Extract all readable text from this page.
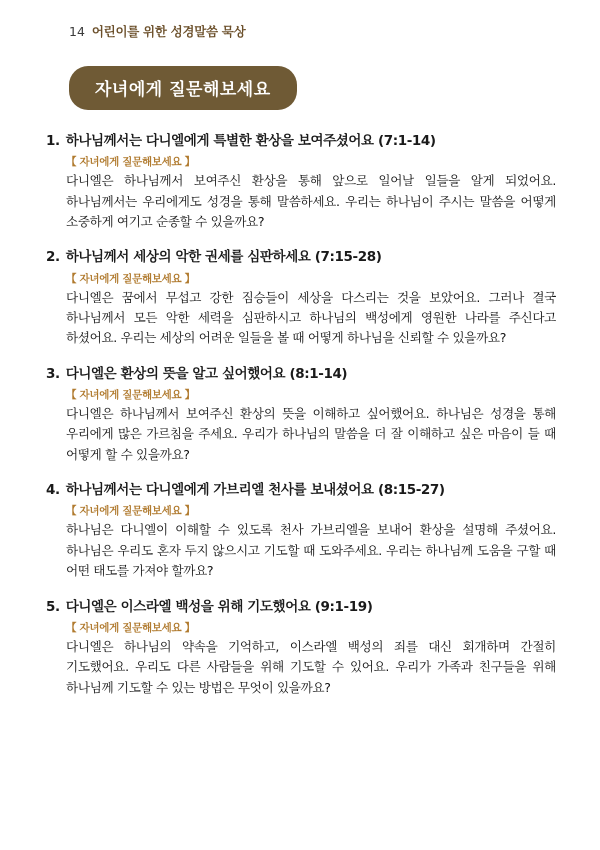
14 어린이를 위한 성경말씀 묵상
자녀에게 질문해보세요
1. 하나님께서는 다니엘에게 특별한 환상을 보여주셨어요 (7:1-14)
【 자녀에게 질문해보세요 】
다니엘은 하나님께서 보여주신 환상을 통해 앞으로 일어날 일들을 알게 되었어요. 하나님께서는 우리에게도 성경을 통해 말씀하세요. 우리는 하나님이 주시는 말씀을 어떻게 소중하게 여기고 순종할 수 있을까요?
2. 하나님께서 세상의 악한 권세를 심판하세요 (7:15-28)
【 자녀에게 질문해보세요 】
다니엘은 꿈에서 무섭고 강한 짐승들이 세상을 다스리는 것을 보았어요. 그러나 결국 하나님께서 모든 악한 세력을 심판하시고 하나님의 백성에게 영원한 나라를 주신다고 하셨어요. 우리는 세상의 어려운 일들을 볼 때 어떻게 하나님을 신뢰할 수 있을까요?
3. 다니엘은 환상의 뜻을 알고 싶어했어요 (8:1-14)
【 자녀에게 질문해보세요 】
다니엘은 하나님께서 보여주신 환상의 뜻을 이해하고 싶어했어요. 하나님은 성경을 통해 우리에게 많은 가르침을 주세요. 우리가 하나님의 말씀을 더 잘 이해하고 싶은 마음이 들 때 어떻게 할 수 있을까요?
4. 하나님께서는 다니엘에게 가브리엘 천사를 보내셨어요 (8:15-27)
【 자녀에게 질문해보세요 】
하나님은 다니엘이 이해할 수 있도록 천사 가브리엘을 보내어 환상을 설명해 주셨어요. 하나님은 우리도 혼자 두지 않으시고 기도할 때 도와주세요. 우리는 하나님께 도움을 구할 때 어떤 태도를 가져야 할까요?
5. 다니엘은 이스라엘 백성을 위해 기도했어요 (9:1-19)
【 자녀에게 질문해보세요 】
다니엘은 하나님의 약속을 기억하고, 이스라엘 백성의 죄를 대신 회개하며 간절히 기도했어요. 우리도 다른 사람들을 위해 기도할 수 있어요. 우리가 가족과 친구들을 위해 하나님께 기도할 수 있는 방법은 무엇이 있을까요?
